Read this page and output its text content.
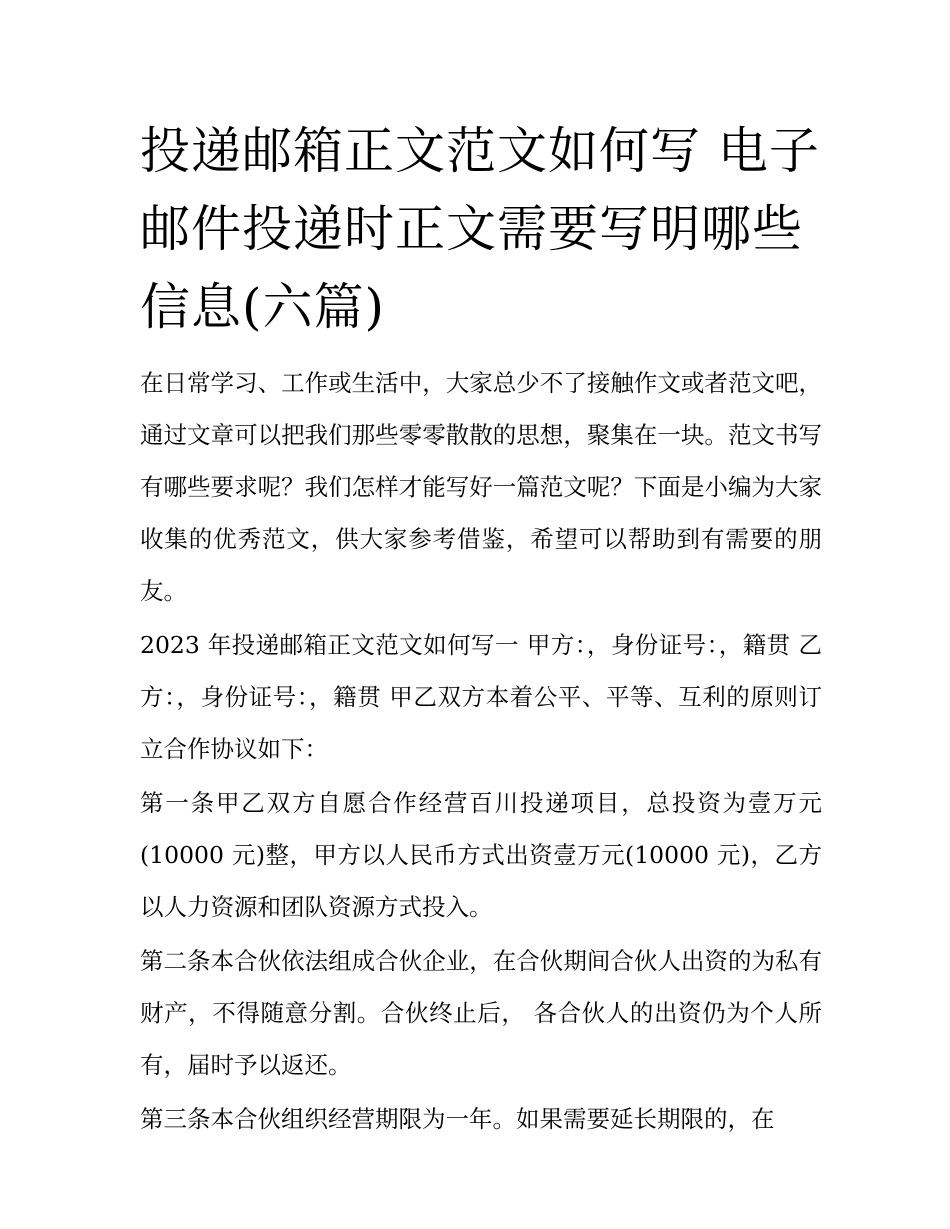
投递邮箱正文范文如何写 电子邮件投递时正文需要写明哪些信息(六篇)

在日常学习、工作或生活中，大家总少不了接触作文或者范文吧，通过文章可以把我们那些零零散散的思想，聚集在一块。范文书写有哪些要求呢？我们怎样才能写好一篇范文呢？下面是小编为大家收集的优秀范文，供大家参考借鉴，希望可以帮助到有需要的朋友。

2023 年投递邮箱正文范文如何写一 甲方：，身份证号：，籍贯 乙方：，身份证号：，籍贯 甲乙双方本着公平、平等、互利的原则订立合作协议如下：

第一条甲乙双方自愿合作经营百川投递项目，总投资为壹万元(10000 元)整，甲方以人民币方式出资壹万元(10000 元)，乙方以人力资源和团队资源方式投入。

第二条本合伙依法组成合伙企业，在合伙期间合伙人出资的为私有财产，不得随意分割。合伙终止后， 各合伙人的出资仍为个人所有，届时予以返还。

第三条本合伙组织经营期限为一年。如果需要延长期限的，在
